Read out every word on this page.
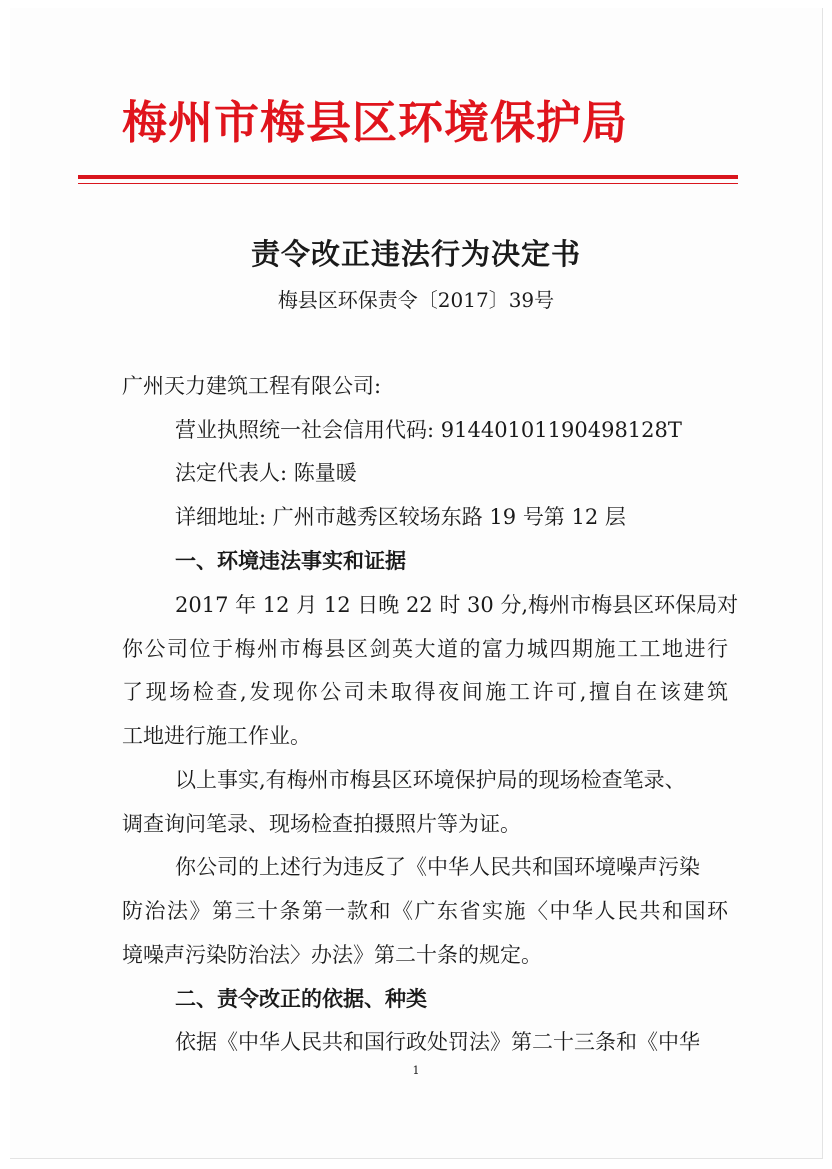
梅州市梅县区环境保护局
责令改正违法行为决定书
梅县区环保责令〔2017〕39号
广州天力建筑工程有限公司:
营业执照统一社会信用代码: 91440101190498128T
法定代表人: 陈量暖
详细地址: 广州市越秀区较场东路 19 号第 12 层
一、环境违法事实和证据
2017 年 12 月 12 日晚 22 时 30 分,梅州市梅县区环保局对
你公司位于梅州市梅县区剑英大道的富力城四期施工工地进行
了现场检查,发现你公司未取得夜间施工许可,擅自在该建筑
工地进行施工作业。
以上事实,有梅州市梅县区环境保护局的现场检查笔录、
调查询问笔录、现场检查拍摄照片等为证。
你公司的上述行为违反了《中华人民共和国环境噪声污染
防治法》第三十条第一款和《广东省实施〈中华人民共和国环
境噪声污染防治法〉办法》第二十条的规定。
二、责令改正的依据、种类
依据《中华人民共和国行政处罚法》第二十三条和《中华
1
